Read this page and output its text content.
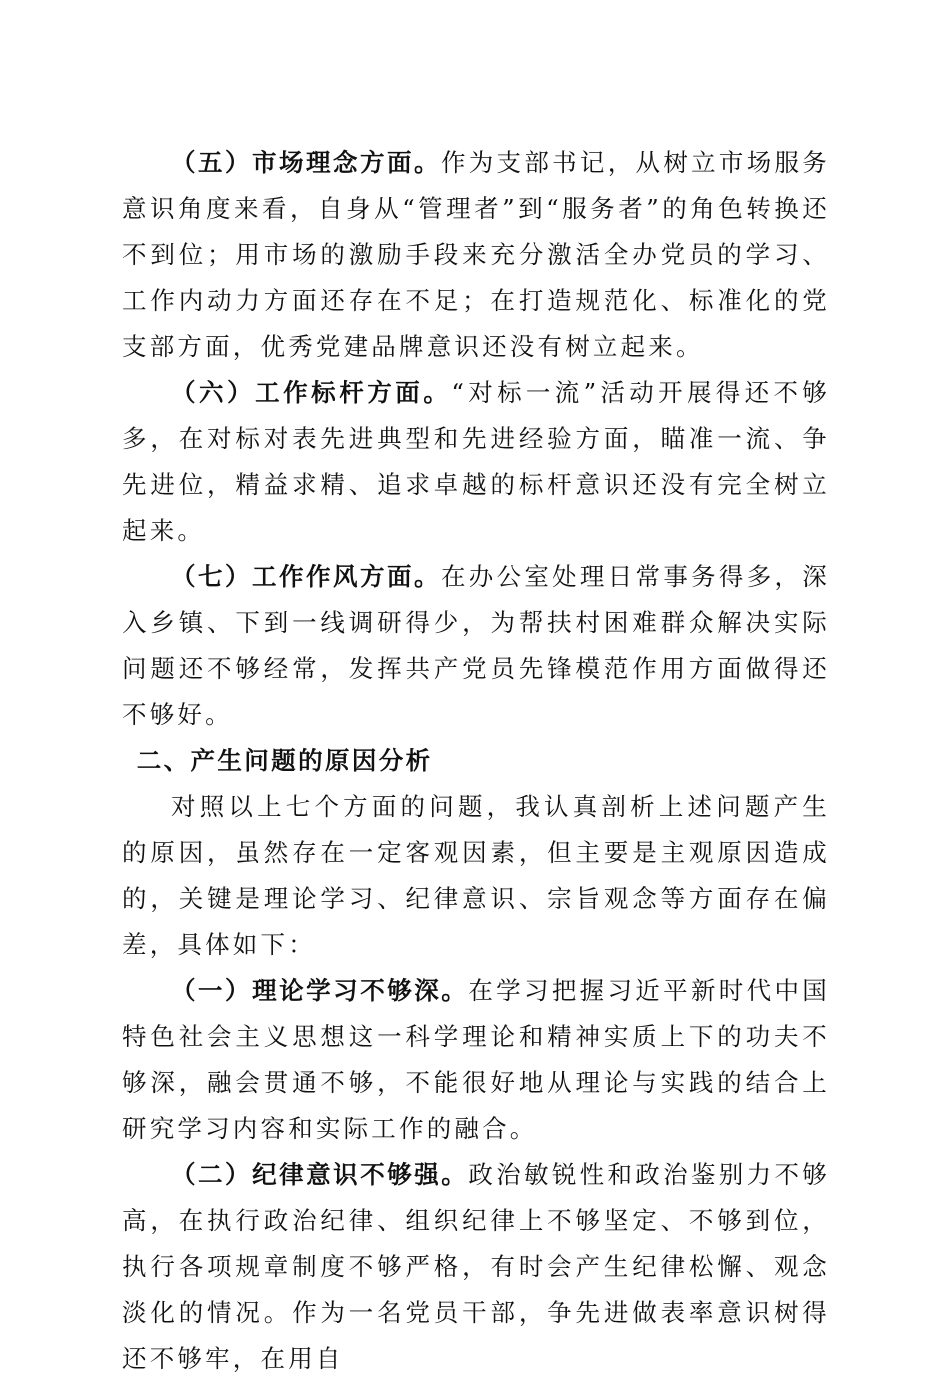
（五）市场理念方面。作为支部书记，从树立市场服务意识角度来看，自身从“管理者”到“服务者”的角色转换还不到位；用市场的激励手段来充分激活全办党员的学习、工作内动力方面还存在不足；在打造规范化、标准化的党支部方面，优秀党建品牌意识还没有树立起来。

（六）工作标杆方面。“对标一流”活动开展得还不够多，在对标对表先进典型和先进经验方面，瞄准一流、争先进位，精益求精、追求卓越的标杆意识还没有完全树立起来。

（七）工作作风方面。在办公室处理日常事务得多，深入乡镇、下到一线调研得少，为帮扶村困难群众解决实际问题还不够经常，发挥共产党员先锋模范作用方面做得还不够好。

二、产生问题的原因分析

对照以上七个方面的问题，我认真剖析上述问题产生的原因，虽然存在一定客观因素，但主要是主观原因造成的，关键是理论学习、纪律意识、宗旨观念等方面存在偏差，具体如下：

（一）理论学习不够深。在学习把握习近平新时代中国特色社会主义思想这一科学理论和精神实质上下的功夫不够深，融会贯通不够，不能很好地从理论与实践的结合上研究学习内容和实际工作的融合。

（二）纪律意识不够强。政治敏锐性和政治鉴别力不够高，在执行政治纪律、组织纪律上不够坚定、不够到位，执行各项规章制度不够严格，有时会产生纪律松懈、观念淡化的情况。作为一名党员干部，争先进做表率意识树得还不够牢，在用自
